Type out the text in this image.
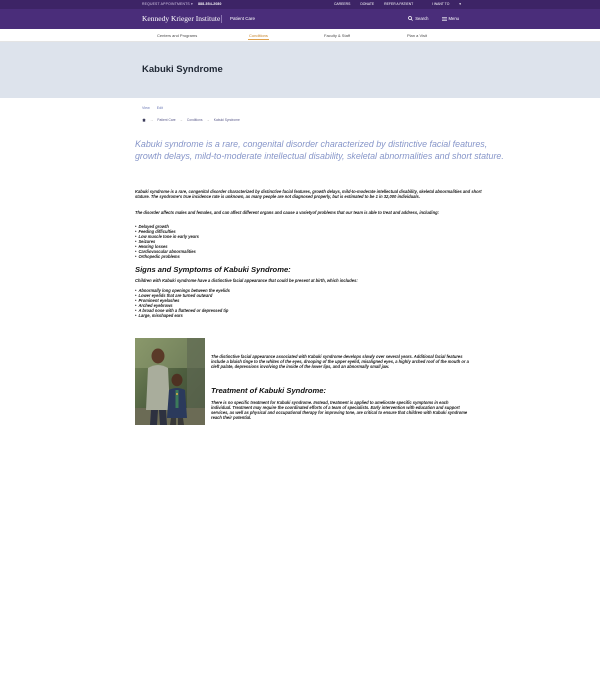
REQUEST APPOINTMENTS ▾ 888-554-2080	CAREERS	DONATE	REFER A PATIENT	I WANT TO	▾
Kennedy Krieger Institute Patient Care	Search	Menu
Centers and Programs	Conditions	Faculty & Staff	Plan a Visit
Kabuki Syndrome
View Edit
→ Patient Care → Conditions → Kabuki Syndrome

Kabuki syndrome is a rare, congenital disorder characterized by distinctive facial features, growth delays, mild-to-moderate intellectual disability, skeletal abnormalities and short stature.

Kabuki syndrome is a rare, congenital disorder characterized by distinctive facial features, growth delays, mild-to-moderate intellectual disability, skeletal abnormalities and short stature. The syndrome's true incidence rate is unknown, as many people are not diagnosed properly, but is estimated to be 1 in 32,000 individuals.

The disorder affects males and females, and can affect different organs and cause a varietyof problems that our team is able to treat and address, including:

• Delayed growth
• Feeding difficulties
• Low muscle tone in early years
• Seizures
• Hearing losses
• Cardiovascular abnormalities
• Orthopedic problems
Signs and Symptoms of Kabuki Syndrome:

Children with Kabuki syndrome have a distinctive facial appearance that could be present at birth, which includes:

• Abnormally long openings between the eyelids
• Lower eyelids that are turned outward
• Prominent eyelashes
• Arched eyebrows
• A broad nose with a flattened or depressed tip
• Large, misshaped ears

The distinctive facial appearance associated with Kabuki syndrome develops slowly over several years. Additional facial features include a bluish tinge to the whites of the eyes, drooping of the upper eyelid, misaligned eyes, a highly arched roof of the mouth or a cleft palate, depressions involving the inside of the lower lips, and an abnormally small jaw.

Treatment of Kabuki Syndrome:

There is no specific treatment for Kabuki syndrome. Instead, treatment is applied to ameliorate specific symptoms in each individual. Treatment may require the coordinated efforts of a team of specialists. Early intervention with education and support services, as well as physical and occupational therapy for improving tone, are critical to ensure that children with Kabuki syndrome reach their potential.
